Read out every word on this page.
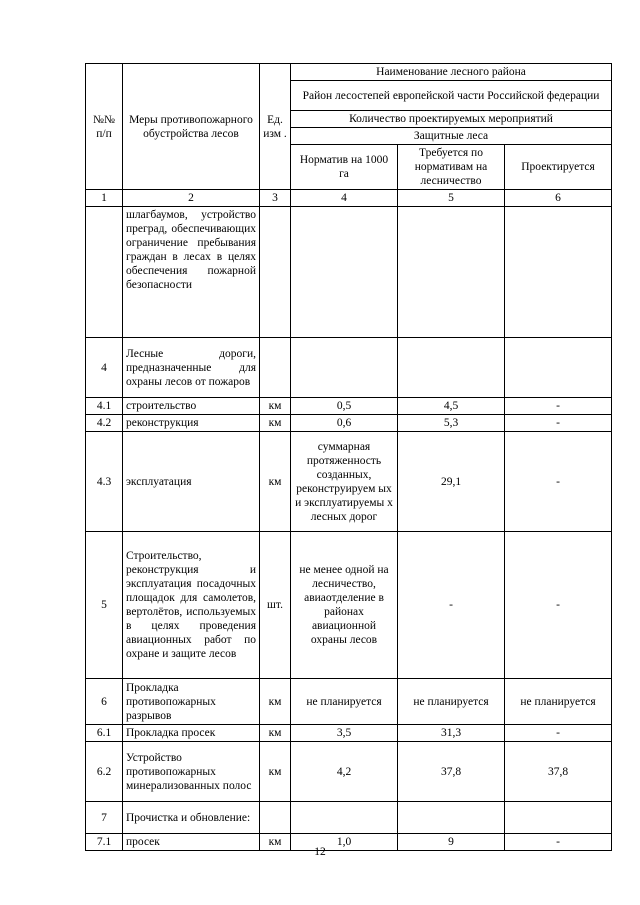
№№ п/п	Меры противопожарного обустройства лесов	Ед. изм .	Наименование лесного района		
			Район лесостепей европейской части Российской федерации		
			Количество проектируемых мероприятий		
			Защитные леса		
			Норматив на 1000 га	Требуется по нормативам на лесничество	Проектируется

1	2	3	4	5	6
	шлагбаумов, устройство преград, обеспечивающих ограничение пребывания граждан в лесах в целях обеспечения пожарной безопасности				
4	Лесные дороги, предназначенные для охраны лесов от пожаров				
4.1	строительство	км	0,5	4,5	-
4.2	реконструкция	км	0,6	5,3	-
4.3	эксплуатация	км	суммарная протяженность созданных, реконструируем ых и эксплуатируемы х лесных дорог	29,1	-
5	Строительство, реконструкция и эксплуатация посадочных площадок для самолетов, вертолётов, используемых в целях проведения авиационных работ по охране и защите лесов	шт.	не менее одной на лесничество, авиаотделение в районах авиационной охраны лесов	-	-
6	Прокладка противопожарных разрывов	км	не планируется	не планируется	не планируется
6.1	Прокладка просек	км	3,5	31,3	-
6.2	Устройство противопожарных минерализованных полос	км	4,2	37,8	37,8
7	Прочистка и обновление:				
7.1	просек	км	1,0	9	-
12
